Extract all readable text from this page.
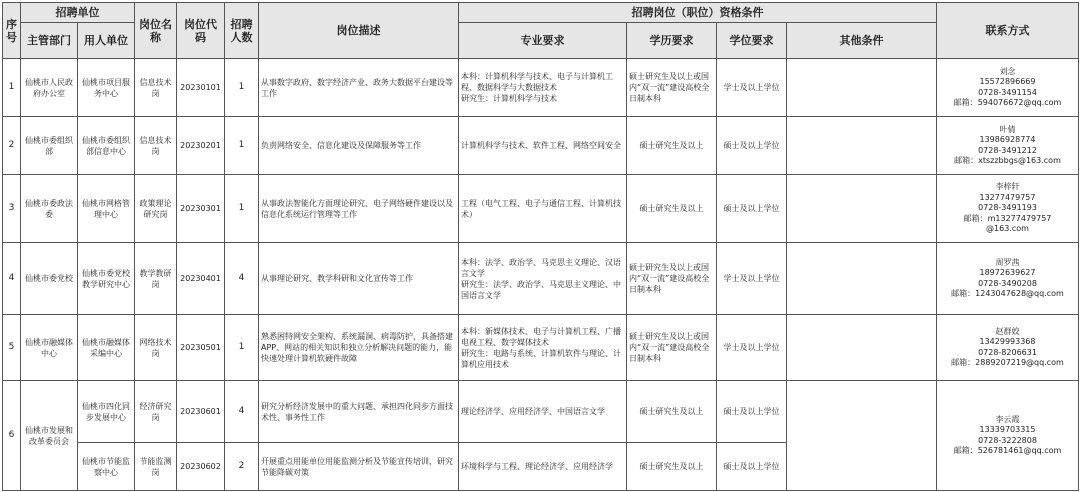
序号	招聘单位		岗位名称	岗位代码	招聘人数	岗位描述	招聘岗位（职位）资格条件				联系方式
	主管部门	用人单位					专业要求	学历要求	学位要求	其他条件	
1	仙桃市人民政府办公室	仙桃市项目服务中心	信息技术岗	20230101	1	从事数字政府、数字经济产业、政务大数据平台建设等工作	本科：计算机科学与技术、电子与计算机工程、数据科学与大数据技术
研究生：计算机科学与技术	硕士研究生及以上或国内“双一流”建设高校全日制本科	学士及以上学位		刘念
15572896669
0728-3491154
邮箱：594076672@qq.com
2	仙桃市委组织部	仙桃市委组织部信息中心	信息技术岗	20230201	1	负责网络安全、信息化建设及保障服务等工作	计算机科学与技术、软件工程、网络空间安全	硕士研究生及以上	硕士及以上学位		叶倩
13986928774
0728-3491212
邮箱：xtszzbbgs@163.com
3	仙桃市委政法委	仙桃市网格管理中心	政策理论研究岗	20230301	1	从事政法智能化方面理论研究、电子网络硬件建设以及信息化系统运行管理等工作	工程（电气工程、电子与通信工程、计算机技术）	硕士研究生及以上	硕士及以上学位		李梓轩
13277479757
0728-3491193
邮箱：m13277479757
@163.com
4	仙桃市委党校	仙桃市委党校教学研究中心	教学教研岗	20230401	4	从事理论研究、教学科研和文化宣传等工作	本科：法学、政治学、马克思主义理论、汉语言文学
研究生：法学、政治学、马克思主义理论、中国语言文学	硕士研究生及以上或国内“双一流”建设高校全日制本科	学士及以上学位		周罗茜
18972639627
0728-3490208
邮箱：1243047628@qq.com
5	仙桃市融媒体中心	仙桃市融媒体采编中心	网络技术岗	20230501	1	熟悉困特网安全架构、系统漏洞、病毒防护，具备搭建APP、网站的相关知识和独立分析解决问题的能力，能快速处理计算机软硬件故障	本科：新媒体技术、电子与计算机工程、广播电视工程、数字媒体技术
研究生：电路与系统、计算机软件与理论、计算机应用技术	硕士研究生及以上或国内“双一流”建设高校全日制本科	学士及以上学位		赵群姣
13429993368
0728-8206631
邮箱：2889207219@qq.com
6	仙桃市发展和改革委员会	仙桃市四化同步发展中心	经济研究岗	20230601	4	研究分析经济发展中的重大问题、承担四化同步方面技术性、事务性工作	理论经济学、应用经济学、中国语言文学	硕士研究生及以上	硕士及以上学位		李云霞
13339703315
0728-3222808
邮箱：526781461@qq.com
		仙桃市节能监察中心	节能监测岗	20230602	2	开展重点用能单位用能监测分析及节能宣传培训，研究节能降碳对策	环境科学与工程、理论经济学、应用经济学	硕士研究生及以上	硕士及以上学位		
